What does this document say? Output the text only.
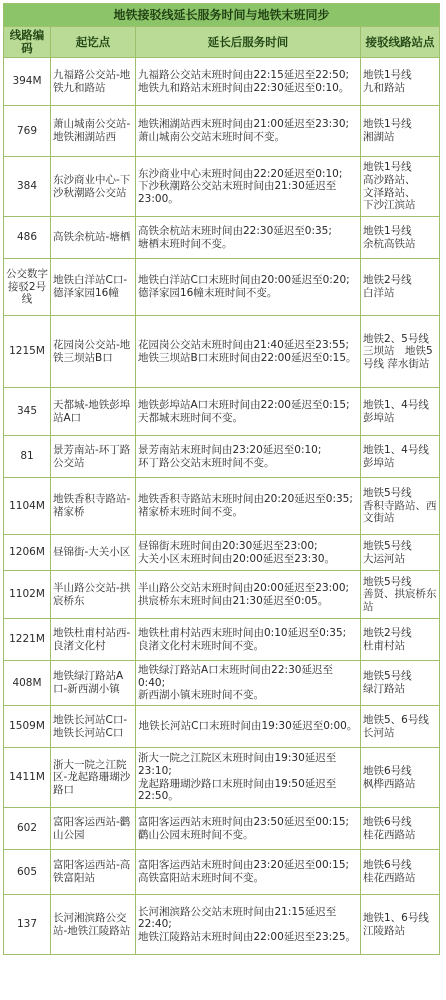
地铁接驳线延长服务时间与地铁末班同步			
线路编码	起讫点	延长后服务时间	接驳线路站点
394M	九福路公交站-地铁九和路站	九福路公交站末班时间由22:15延迟至22:50;
地铁九和路站末班时间由22:30延迟至0:10。	地铁1号线
九和路站
769	萧山城南公交站-地铁湘湖站西	地铁湘湖站西末班时间由21:00延迟至23:30;
萧山城南公交站末班时间不变。	地铁1号线
湘湖站
384	东沙商业中心-下沙秋潮路公交站	东沙商业中心末班时间由22:20延迟至0:10;
下沙秋潮路公交站末班时间由21:30延迟至23:00。	地铁1号线
高沙路站、
文泽路站、
下沙江滨站
486	高铁余杭站-塘栖	高铁余杭站末班时间由22:30延迟至0:35;
塘栖末班时间不变。	地铁1号线
余杭高铁站
公交数字接驳2号线	地铁白洋站C口-德泽家园16幢	地铁白洋站C口末班时间由20:00延迟至0:20;
德泽家园16幢末班时间不变。	地铁2号线
白洋站
1215M	花园岗公交站-地铁三坝站B口	花园岗公交站末班时间由21:40延迟至23:55;
地铁三坝站B口末班时间由22:00延迟至0:15。	地铁2、5号线
三坝站　地铁5号线 萍水街站
345	天都城-地铁彭埠站A口	地铁彭埠站A口末班时间由22:00延迟至0:15;
天都城末班时间不变。	地铁1、4号线
彭埠站
81	景芳南站-环丁路公交站	景芳南站末班时间由23:20延迟至0:10;
环丁路公交站末班时间不变。	地铁1、4号线
彭埠站
1104M	地铁香积寺路站-褚家桥	地铁香积寺路站末班时间由20:20延迟至0:35;
褚家桥末班时间不变。	地铁5号线
香积寺路站、西文街站
1206M	昼锦街-大关小区	昼锦街末班时间由20:30延迟至23:00;
大关小区末班时间由20:00延迟至23:30。	地铁5号线
大运河站
1102M	半山路公交站-拱宸桥东	半山路公交站末班时间由20:00延迟至23:00;
拱宸桥东末班时间由21:30延迟至0:05。	地铁5号线
善贤、拱宸桥东站
1221M	地铁杜甫村站西-良渚文化村	地铁杜甫村站西末班时间由0:10延迟至0:35;
良渚文化村末班时间不变。	地铁2号线
杜甫村站
408M	地铁绿汀路站A口-新西湖小镇	地铁绿汀路站A口末班时间由22:30延迟至0:40;
新西湖小镇末班时间不变。	地铁5号线
绿汀路站
1509M	地铁长河站C口-地铁长河站C口	地铁长河站C口末班时间由19:30延迟至0:00。	地铁5、6号线
长河站
1411M	浙大一院之江院区-龙起路珊瑚沙路口	浙大一院之江院区末班时间由19:30延迟至23:10;
龙起路珊瑚沙路口末班时间由19:50延迟至22:50。	地铁6号线
枫桦西路站
602	富阳客运西站-鹳山公园	富阳客运西站末班时间由23:50延迟至00:15;
鹳山公园末班时间不变。	地铁6号线
桂花西路站
605	富阳客运西站-高铁富阳站	富阳客运西站末班时间由23:20延迟至00:15;
高铁富阳站末班时间不变。	地铁6号线
桂花西路站
137	长河湘滨路公交站-地铁江陵路站	长河湘滨路公交站末班时间由21:15延迟至22:40;
地铁江陵路站末班时间由22:00延迟至23:25。	地铁1、6号线
江陵路站
